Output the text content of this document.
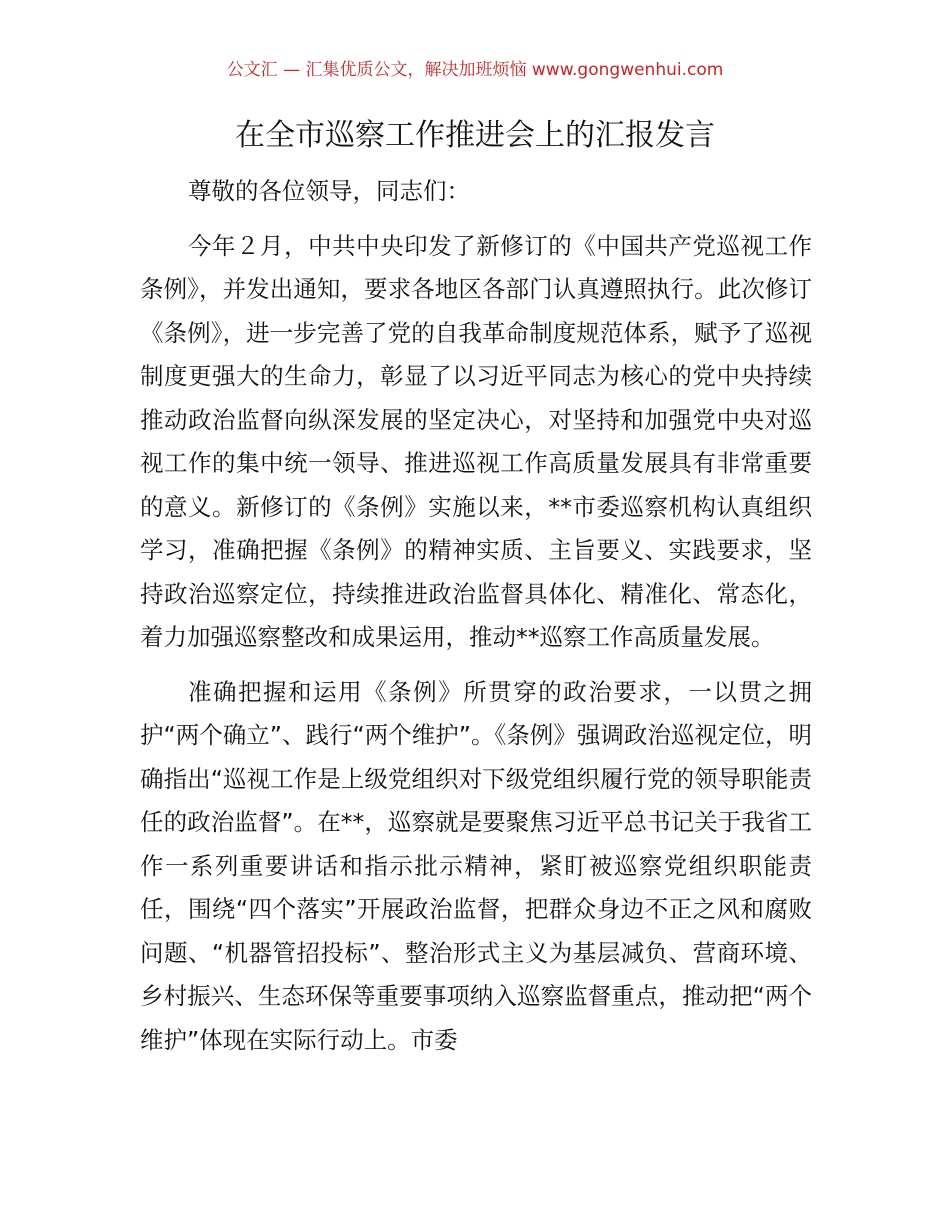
公文汇 — 汇集优质公文，解决加班烦恼 www.gongwenhui.com
在全市巡察工作推进会上的汇报发言

尊敬的各位领导，同志们：

今年２月，中共中央印发了新修订的《中国共产党巡视工作条例》，并发出通知，要求各地区各部门认真遵照执行。此次修订《条例》，进一步完善了党的自我革命制度规范体系，赋予了巡视制度更强大的生命力，彰显了以习近平同志为核心的党中央持续推动政治监督向纵深发展的坚定决心，对坚持和加强党中央对巡视工作的集中统一领导、推进巡视工作高质量发展具有非常重要的意义。新修订的《条例》实施以来，**市委巡察机构认真组织学习，准确把握《条例》的精神实质、主旨要义、实践要求，坚持政治巡察定位，持续推进政治监督具体化、精准化、常态化，着力加强巡察整改和成果运用，推动**巡察工作高质量发展。

准确把握和运用《条例》所贯穿的政治要求，一以贯之拥护“两个确立”、践行“两个维护”。《条例》强调政治巡视定位，明确指出“巡视工作是上级党组织对下级党组织履行党的领导职能责任的政治监督”。在**，巡察就是要聚焦习近平总书记关于我省工作一系列重要讲话和指示批示精神，紧盯被巡察党组织职能责任，围绕“四个落实”开展政治监督，把群众身边不正之风和腐败问题、“机器管招投标”、整治形式主义为基层减负、营商环境、乡村振兴、生态环保等重要事项纳入巡察监督重点，推动把“两个维护”体现在实际行动上。市委
